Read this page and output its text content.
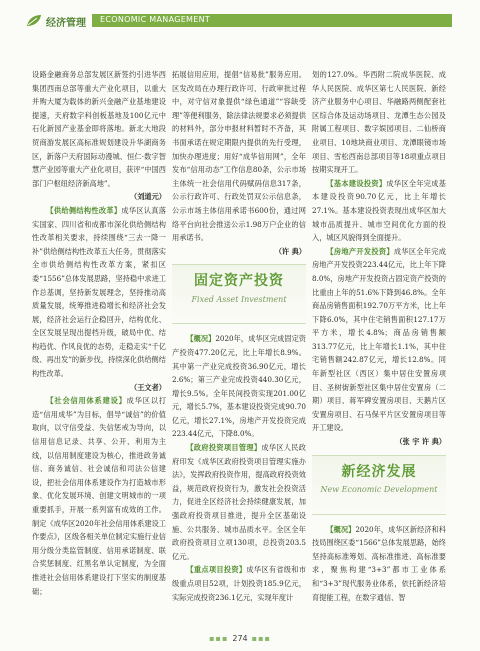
经济管理 ECONOMIC MANAGEMENT

设路金融商务总部发展区新签约引进华西集团西南总部等重大产业化项目，以重大并购大厦为载体的新兴金融产业基地建设提速，天府数字科创板基地及100亿元中石化新园产业基金即将落地。新北大地段贸商游发展区高标准规划建设升华湖商务区，新落户天府国际动漫城、恒仁·数字智慧产业园等重大产业化项目，获评“中国西部门户枢纽经济新高地”。

（刘道元）

【供给侧结构性改革】成华区认真落实国家、四川省和成都市深化供给侧结构性改革相关要求，持续围绕“三去一降一补”供给侧结构性改革五大任务，贯彻落实全市供给侧结构性改革方案，紧扣区委“1556”总体发展思路，坚持稳中求进工作总基调，坚持新发展理念，坚持推动高质量发展，统筹推进稳增长和经济社会发展，经济社会运行企稳回升，结构优化、全区发展呈现出提档升级，破局中优、结构趋优、作风良优的态势，走稳走实“千亿级、再出发”的新步伐，持续深化供给侧结构性改革。

（王文者）

【社会信用体系建设】成华区以打造“信用成华”为目标，倡导“诚信”的价值取向，以守信受益、失信惩戒为导向，以信用信息记录、共享、公开、利用为主线，以信用制度建设为核心，推进政务诚信、商务诚信、社会诚信和司法公信建设，把社会信用体系建设作为打造城市形象、优化发展环境、创建文明城市的一项重要抓手，开展一系列富有成效的工作。制定《成华区2020年社会信用体系建设工作要点》，区级各相关单位制定实施行业信用分级分类监管制度、信用承诺制度、联合奖惩制度、红黑名单认定制度，为全面推进社会信用体系建设打下坚实的制度基础；

拓展信用应用，提倡“信易批”服务应用。区发改局在办理行政许可、行政审批过程中，对守信对象提供“绿色通道”“容缺受理”等便利服务，除法律法规要求必须提供的材料外，部分申报材料暂时不齐备，其书面承诺在规定期限内提供的先行受理，加快办理进度；用好“成华信用网”，全年发布“信用动态”工作信息80条，公示市场主体统一社会信用代码赋码信息317条，公示行政许可、行政处罚双公示信息条，公示市场主体信用承诺书600份，通过网络平台向社会推送公示1.98万户企业的信用承诺书。

（许 典）

固定资产投资
Fixed Asset Investment

【概况】2020年，成华区完成固定资产投资477.20亿元，比上年增长8.9%。其中第一产业完成投资36.90亿元，增长2.6%；第三产业完成投资440.30亿元，增长9.5%。全年民间投资实现201.00亿元，增长5.7%，基本建设投资完成90.70亿元，增长27.1%，房地产开发投资完成223.44亿元，下降8.0%。

【政府投资项目管理】成华区人民政府印发《成华区政府投资项目管理实施办法》，发挥政府投资作用，提高政府投资效益，规范政府投资行为，激发社会投资活力，促进全区经济社会持续健康发展，加强政府投资项目推进，提升全区基础设施、公共服务、城市品质水平。全区全年政府投资项目立项130项，总投资203.5亿元。

【重点项目投资】成华区有省级和市级重点项目52项，计划投资185.9亿元，实际完成投资236.1亿元，实现年度计

划的127.0%。华西附二院成华医院、成华人民医院、成华区第七人民医院、新经济产业服务中心项目、华融路两侧配套社区综合体及运动场项目、龙潭生态公园及附属工程项目、数字娱园项目、二仙桥商业项目、10地块商业项目、龙潭眼镜市场项目、雪松西南总部项目等18项重点项目按期实现开工。

【基本建设投资】成华区全年完成基本建设投资90.70亿元，比上年增长27.1%。基本建设投资表现出成华区加大城市品质提升、城市空间优化方面的投入，城区风貌得到全面提升。

【房地产开发投资】成华区全年完成房地产开发投资223.44亿元，比上年下降8.0%，房地产开发投资占固定资产投资的比重由上年的51.6%下降到46.8%。全年商品房销售面积192.70万平方米，比上年下降6.0%，其中住宅销售面积127.17万平方米，增长4.8%；商品房销售额313.77亿元，比上年增长1.1%，其中住宅销售额242.87亿元，增长12.8%。同年新型社区（西区）集中居住安置房项目、圣树街新型社区集中居住安置房（二期）项目、蒋军碑安置房项目、天鹅片区安置房项目、石马保平片区安置房项目等开工建设。

（张 宇 许 典）

新经济发展
New Economic Development

【概况】2020年，成华区新经济和科技局围绕区委“1566”总体发展思路，始终坚持高标准筹划、高标准推进、高标准要求，聚焦构建“3+3”都市工业体系和“3+3”现代服务业体系，依托新经济培育提能工程，在数字通信、智

▪▪▪ 274 ▪▪▪
